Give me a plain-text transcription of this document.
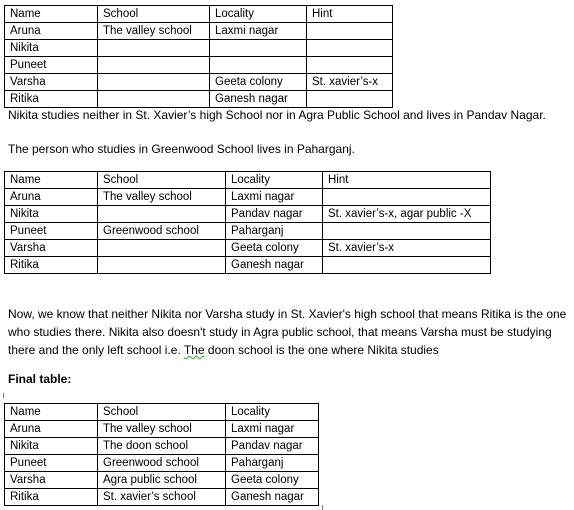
Name	School	Locality	Hint
Aruna	The valley school	Laxmi nagar	
Nikita			
Puneet			
Varsha		Geeta colony	St. xavier’s-x
Ritika		Ganesh nagar	

Nikita studies neither in St. Xavier’s high School nor in Agra Public School and lives in Pandav Nagar.

The person who studies in Greenwood School lives in Paharganj.

Name	School	Locality	Hint
Aruna	The valley school	Laxmi nagar	
Nikita		Pandav nagar	St. xavier’s-x, agar public -X
Puneet	Greenwood school	Paharganj	
Varsha		Geeta colony	St. xavier’s-x
Ritika		Ganesh nagar	

Now, we know that neither Nikita nor Varsha study in St. Xavier's high school that means Ritika is the one who studies there. Nikita also doesn't study in Agra public school, that means Varsha must be studying there and the only left school i.e. The doon school is the one where Nikita studies

Final table:

Name	School	Locality
Aruna	The valley school	Laxmi nagar
Nikita	The doon school	Pandav nagar
Puneet	Greenwood school	Paharganj
Varsha	Agra public school	Geeta colony
Ritika	St. xavier’s school	Ganesh nagar
